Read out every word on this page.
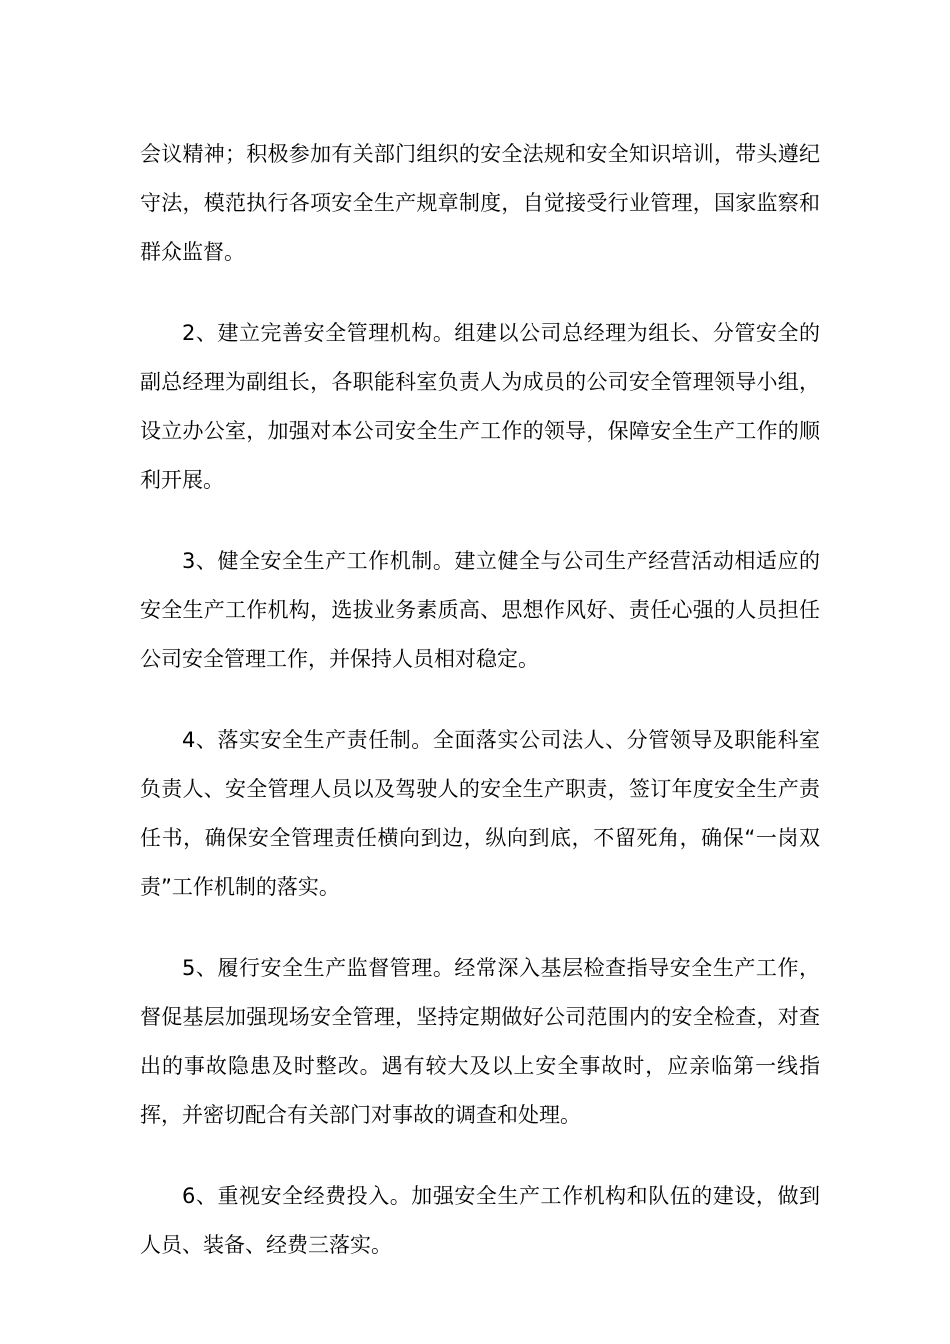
会议精神；积极参加有关部门组织的安全法规和安全知识培训，带头遵纪守法，模范执行各项安全生产规章制度，自觉接受行业管理，国家监察和群众监督。

2、建立完善安全管理机构。组建以公司总经理为组长、分管安全的副总经理为副组长，各职能科室负责人为成员的公司安全管理领导小组，设立办公室，加强对本公司安全生产工作的领导，保障安全生产工作的顺利开展。

3、健全安全生产工作机制。建立健全与公司生产经营活动相适应的安全生产工作机构，选拔业务素质高、思想作风好、责任心强的人员担任公司安全管理工作，并保持人员相对稳定。

4、落实安全生产责任制。全面落实公司法人、分管领导及职能科室负责人、安全管理人员以及驾驶人的安全生产职责，签订年度安全生产责任书，确保安全管理责任横向到边，纵向到底，不留死角，确保“一岗双责”工作机制的落实。

5、履行安全生产监督管理。经常深入基层检查指导安全生产工作，督促基层加强现场安全管理，坚持定期做好公司范围内的安全检查，对查出的事故隐患及时整改。遇有较大及以上安全事故时，应亲临第一线指挥，并密切配合有关部门对事故的调查和处理。

6、重视安全经费投入。加强安全生产工作机构和队伍的建设，做到人员、装备、经费三落实。
